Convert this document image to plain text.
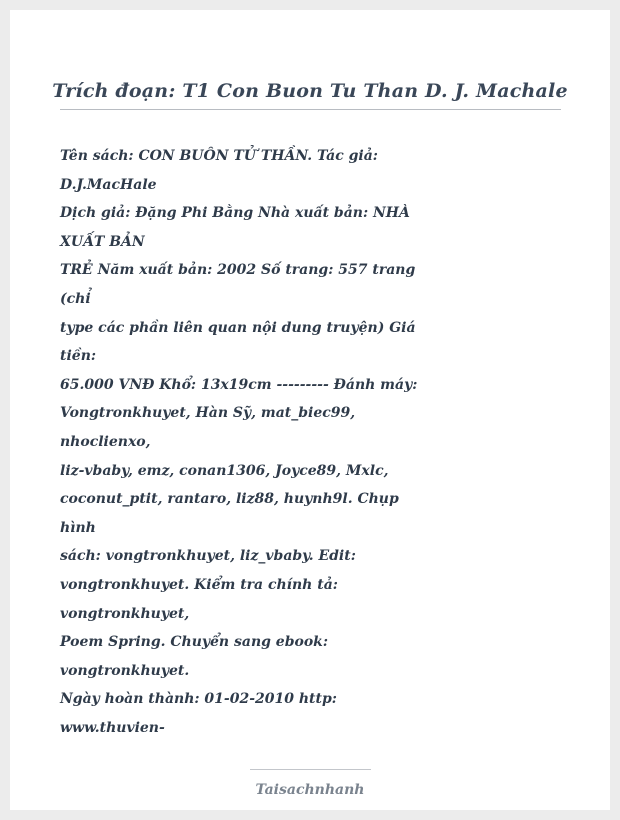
Trích đoạn: T1 Con Buon Tu Than D. J. Machale
Tên sách: CON BUÔN TỬ THẦN. Tác giả:
D.J.MacHale
Dịch giả: Đặng Phi Bằng Nhà xuất bản: NHÀ
XUẤT BẢN
TRẺ Năm xuất bản: 2002 Số trang: 557 trang
(chỉ
type các phần liên quan nội dung truyện) Giá
tiền:
65.000 VNĐ Khổ: 13x19cm --------- Đánh máy:
Vongtronkhuyet, Hàn Sỹ, mat_biec99,
nhoclienxo,
liz-vbaby, emz, conan1306, Joyce89, Mxlc,
coconut_ptit, rantaro, liz88, huynh9l. Chụp
hình
sách: vongtronkhuyet, liz_vbaby. Edit:
vongtronkhuyet. Kiểm tra chính tả:
vongtronkhuyet,
Poem Spring. Chuyển sang ebook:
vongtronkhuyet.
Ngày hoàn thành: 01-02-2010 http:
www.thuvien-
Taisachnhanh
